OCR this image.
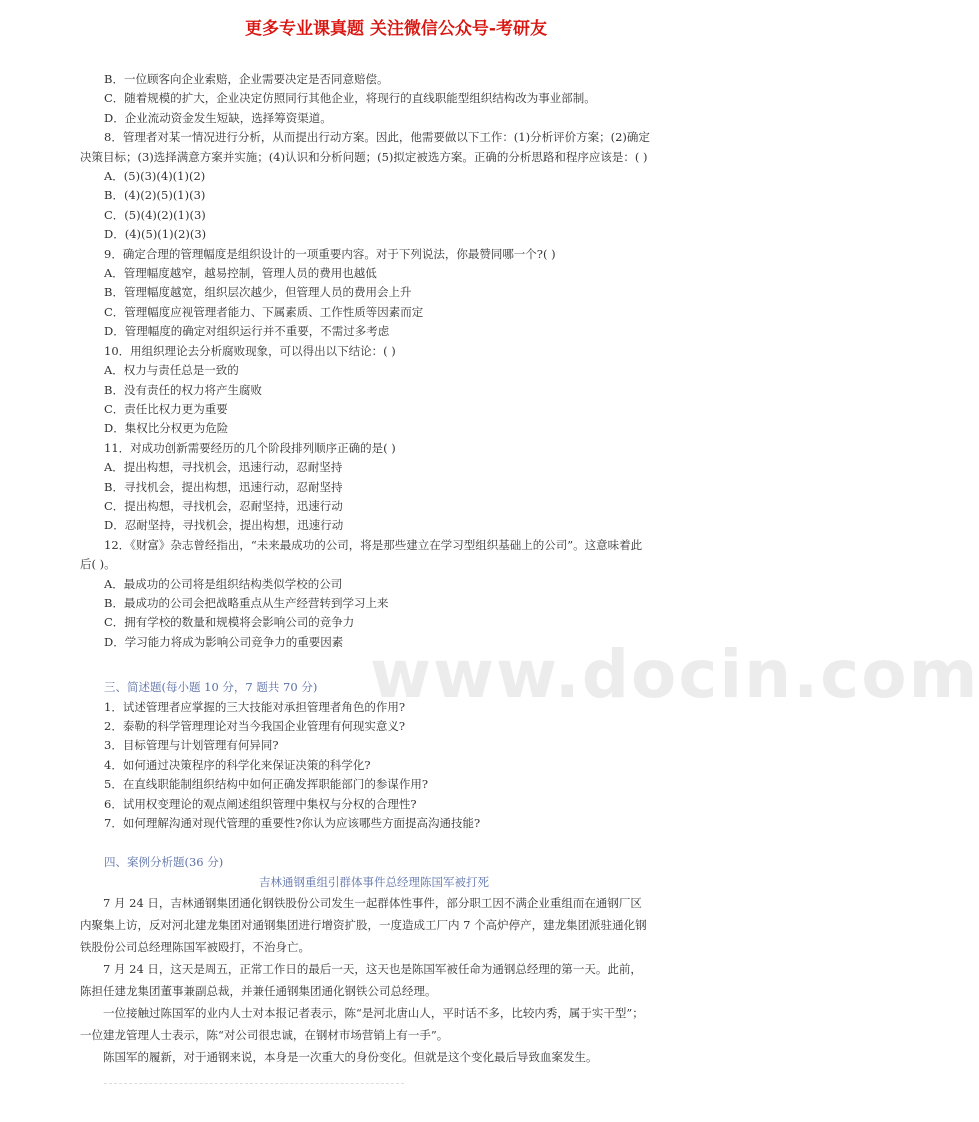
更多专业课真题 关注微信公众号-考研友
www.docin.com
B．一位顾客向企业索赔，企业需要决定是否同意赔偿。
C．随着规模的扩大，企业决定仿照同行其他企业，将现行的直线职能型组织结构改为事业部制。
D．企业流动资金发生短缺，选择筹资渠道。
8．管理者对某一情况进行分析，从而提出行动方案。因此，他需要做以下工作：(1)分析评价方案；(2)确定
决策目标；(3)选择满意方案并实施；(4)认识和分析问题；(5)拟定被选方案。正确的分析思路和程序应该是：( )
A．(5)(3)(4)(1)(2)
B．(4)(2)(5)(1)(3)
C．(5)(4)(2)(1)(3)
D．(4)(5)(1)(2)(3)
9．确定合理的管理幅度是组织设计的一项重要内容。对于下列说法，你最赞同哪一个?( )
A．管理幅度越窄，越易控制，管理人员的费用也越低
B．管理幅度越宽，组织层次越少，但管理人员的费用会上升
C．管理幅度应视管理者能力、下属素质、工作性质等因素而定
D．管理幅度的确定对组织运行并不重要，不需过多考虑
10．用组织理论去分析腐败现象，可以得出以下结论：( )
A．权力与责任总是一致的
B．没有责任的权力将产生腐败
C．责任比权力更为重要
D．集权比分权更为危险
11．对成功创新需要经历的几个阶段排列顺序正确的是( )
A．提出构想，寻找机会，迅速行动，忍耐坚持
B．寻找机会，提出构想，迅速行动，忍耐坚持
C．提出构想，寻找机会，忍耐坚持，迅速行动
D．忍耐坚持，寻找机会，提出构想，迅速行动
12．《财富》杂志曾经指出，“未来最成功的公司，将是那些建立在学习型组织基础上的公司”。这意味着此
后( )。
A．最成功的公司将是组织结构类似学校的公司
B．最成功的公司会把战略重点从生产经营转到学习上来
C．拥有学校的数量和规模将会影响公司的竞争力
D．学习能力将成为影响公司竞争力的重要因素
三、简述题(每小题 10 分，7 题共 70 分)
1．试述管理者应掌握的三大技能对承担管理者角色的作用?
2．泰勒的科学管理理论对当今我国企业管理有何现实意义?
3．目标管理与计划管理有何异同?
4．如何通过决策程序的科学化来保证决策的科学化?
5．在直线职能制组织结构中如何正确发挥职能部门的参谋作用?
6．试用权变理论的观点阐述组织管理中集权与分权的合理性?
7．如何理解沟通对现代管理的重要性?你认为应该哪些方面提高沟通技能?
四、案例分析题(36 分)
吉林通钢重组引群体事件总经理陈国军被打死
　　7 月 24 日，吉林通钢集团通化钢铁股份公司发生一起群体性事件，部分职工因不满企业重组而在通钢厂区
内聚集上访，反对河北建龙集团对通钢集团进行增资扩股，一度造成工厂内 7 个高炉停产，建龙集团派驻通化钢
铁股份公司总经理陈国军被殴打，不治身亡。
　　7 月 24 日，这天是周五，正常工作日的最后一天，这天也是陈国军被任命为通钢总经理的第一天。此前，
陈担任建龙集团董事兼副总裁，并兼任通钢集团通化钢铁公司总经理。
　　一位接触过陈国军的业内人士对本报记者表示，陈“是河北唐山人，平时话不多，比较内秀，属于实干型”；
一位建龙管理人士表示，陈“对公司很忠诚，在钢材市场营销上有一手”。
　　陈国军的履新，对于通钢来说，本身是一次重大的身份变化。但就是这个变化最后导致血案发生。
